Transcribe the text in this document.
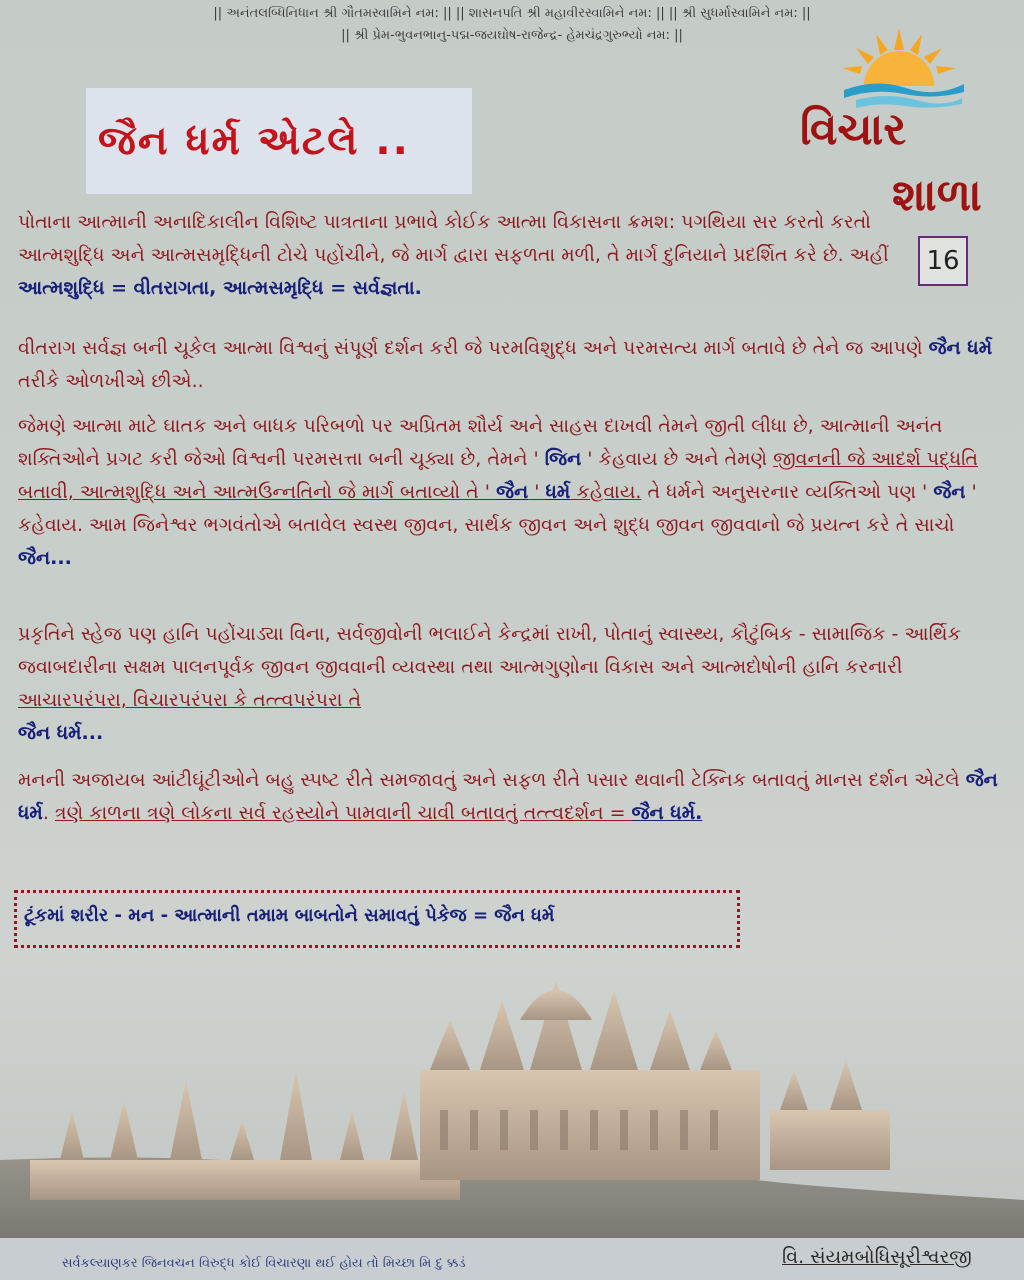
|| અનંતલબ્ધિનિધાન શ્રી ગૌતમસ્વામિને નમ: || || શાસનપતિ શ્રી મહાવીરસ્વામિને નમ: || || શ્રી સુધર્માસ્વામિને નમ: ||
|| શ્રી પ્રેમ-ભુવનભાનુ-પદ્મ-જયઘોષ-રાજેન્દ્ર- હેમચંદ્રગુરુભ્યો નમ: ||
જૈન ધર્મ એટલે ..	વિચાર
શાળા
16
પોતાના આત્માની અનાદિકાલીન વિશિષ્ટ પાત્રતાના પ્રભાવે કોઈક આત્મા વિકાસના ક્રમશ: પગથિયા સર કરતો કરતો આત્મશુદ્ધિ અને આત્મસમૃદ્ધિની ટોચે પહોંચીને, જે માર્ગ દ્વારા સફળતા મળી, તે માર્ગ દુનિયાને પ્રદર્શિત કરે છે. અહીં આત્મશુદ્ધિ = વીતરાગતા, આત્મસમૃદ્ધિ = સર્વજ્ઞતા.
વીતરાગ સર્વજ્ઞ બની ચૂકેલ આત્મા વિશ્વનું સંપૂર્ણ દર્શન કરી જે પરમવિશુદ્ધ અને પરમસત્ય માર્ગ બતાવે છે તેને જ આપણે જૈન ધર્મ તરીકે ઓળખીએ છીએ..
જેમણે આત્મા માટે ઘાતક અને બાધક પરિબળો પર અપ્રિતમ શૌર્ય અને સાહસ દાખવી તેમને જીતી લીધા છે, આત્માની અનંત શક્તિઓને પ્રગટ કરી જેઓ વિશ્વની પરમસત્તા બની ચૂક્યા છે, તેમને ' જિન ' કેહવાય છે અને તેમણે જીવનની જે આદર્શ પદ્ધતિ બતાવી, આત્મશુદ્ધિ અને આત્મઉન્નતિનો જે માર્ગ બતાવ્યો તે ' જૈન ' ધર્મ કહેવાય. તે ધર્મને અનુસરનાર વ્યક્તિઓ પણ ' જૈન ' કહેવાય. આમ જિનેશ્વર ભગવંતોએ બતાવેલ સ્વસ્થ જીવન, સાર્થક જીવન અને શુદ્ધ જીવન જીવવાનો જે પ્રયત્ન કરે તે સાચો જૈન...
પ્રકૃતિને સ્હેજ પણ હાનિ પહોંચાડ્યા વિના, સર્વજીવોની ભલાઈને કેન્દ્રમાં રાખી, પોતાનું સ્વાસ્થ્ય, કૌટુંબિક - સામાજિક - આર્થિક જવાબદારીના સક્ષમ પાલનપૂર્વક જીવન જીવવાની વ્યવસ્થા તથા આત્મગુણોના વિકાસ અને આત્મદોષોની હાનિ કરનારી આચારપરંપરા, વિચારપરંપરા કે તત્ત્વપરંપરા તે
જૈન ધર્મ...
મનની અજાયબ આંટીઘૂંટીઓને બહુ સ્પષ્ટ રીતે સમજાવતું અને સફળ રીતે પસાર થવાની ટેક્નિક બતાવતું માનસ દર્શન એટલે જૈન ધર્મ. ત્રણે કાળના ત્રણે લોકના સર્વ રહસ્યોને પામવાની ચાવી બતાવતું તત્ત્વદર્શન = જૈન ધર્મ.
ટૂંકમાં શરીર - મન - આત્માની તમામ બાબતોને સમાવતું પેકેજ = જૈન ધર્મ
સર્વકલ્યાણકર જિનવચન વિરુદ્ધ કોઈ વિચારણા થઈ હોય તો મિચ્છા મિ દુ ક્કડં	વિ. સંયમબોધિસૂરીશ્વરજી
